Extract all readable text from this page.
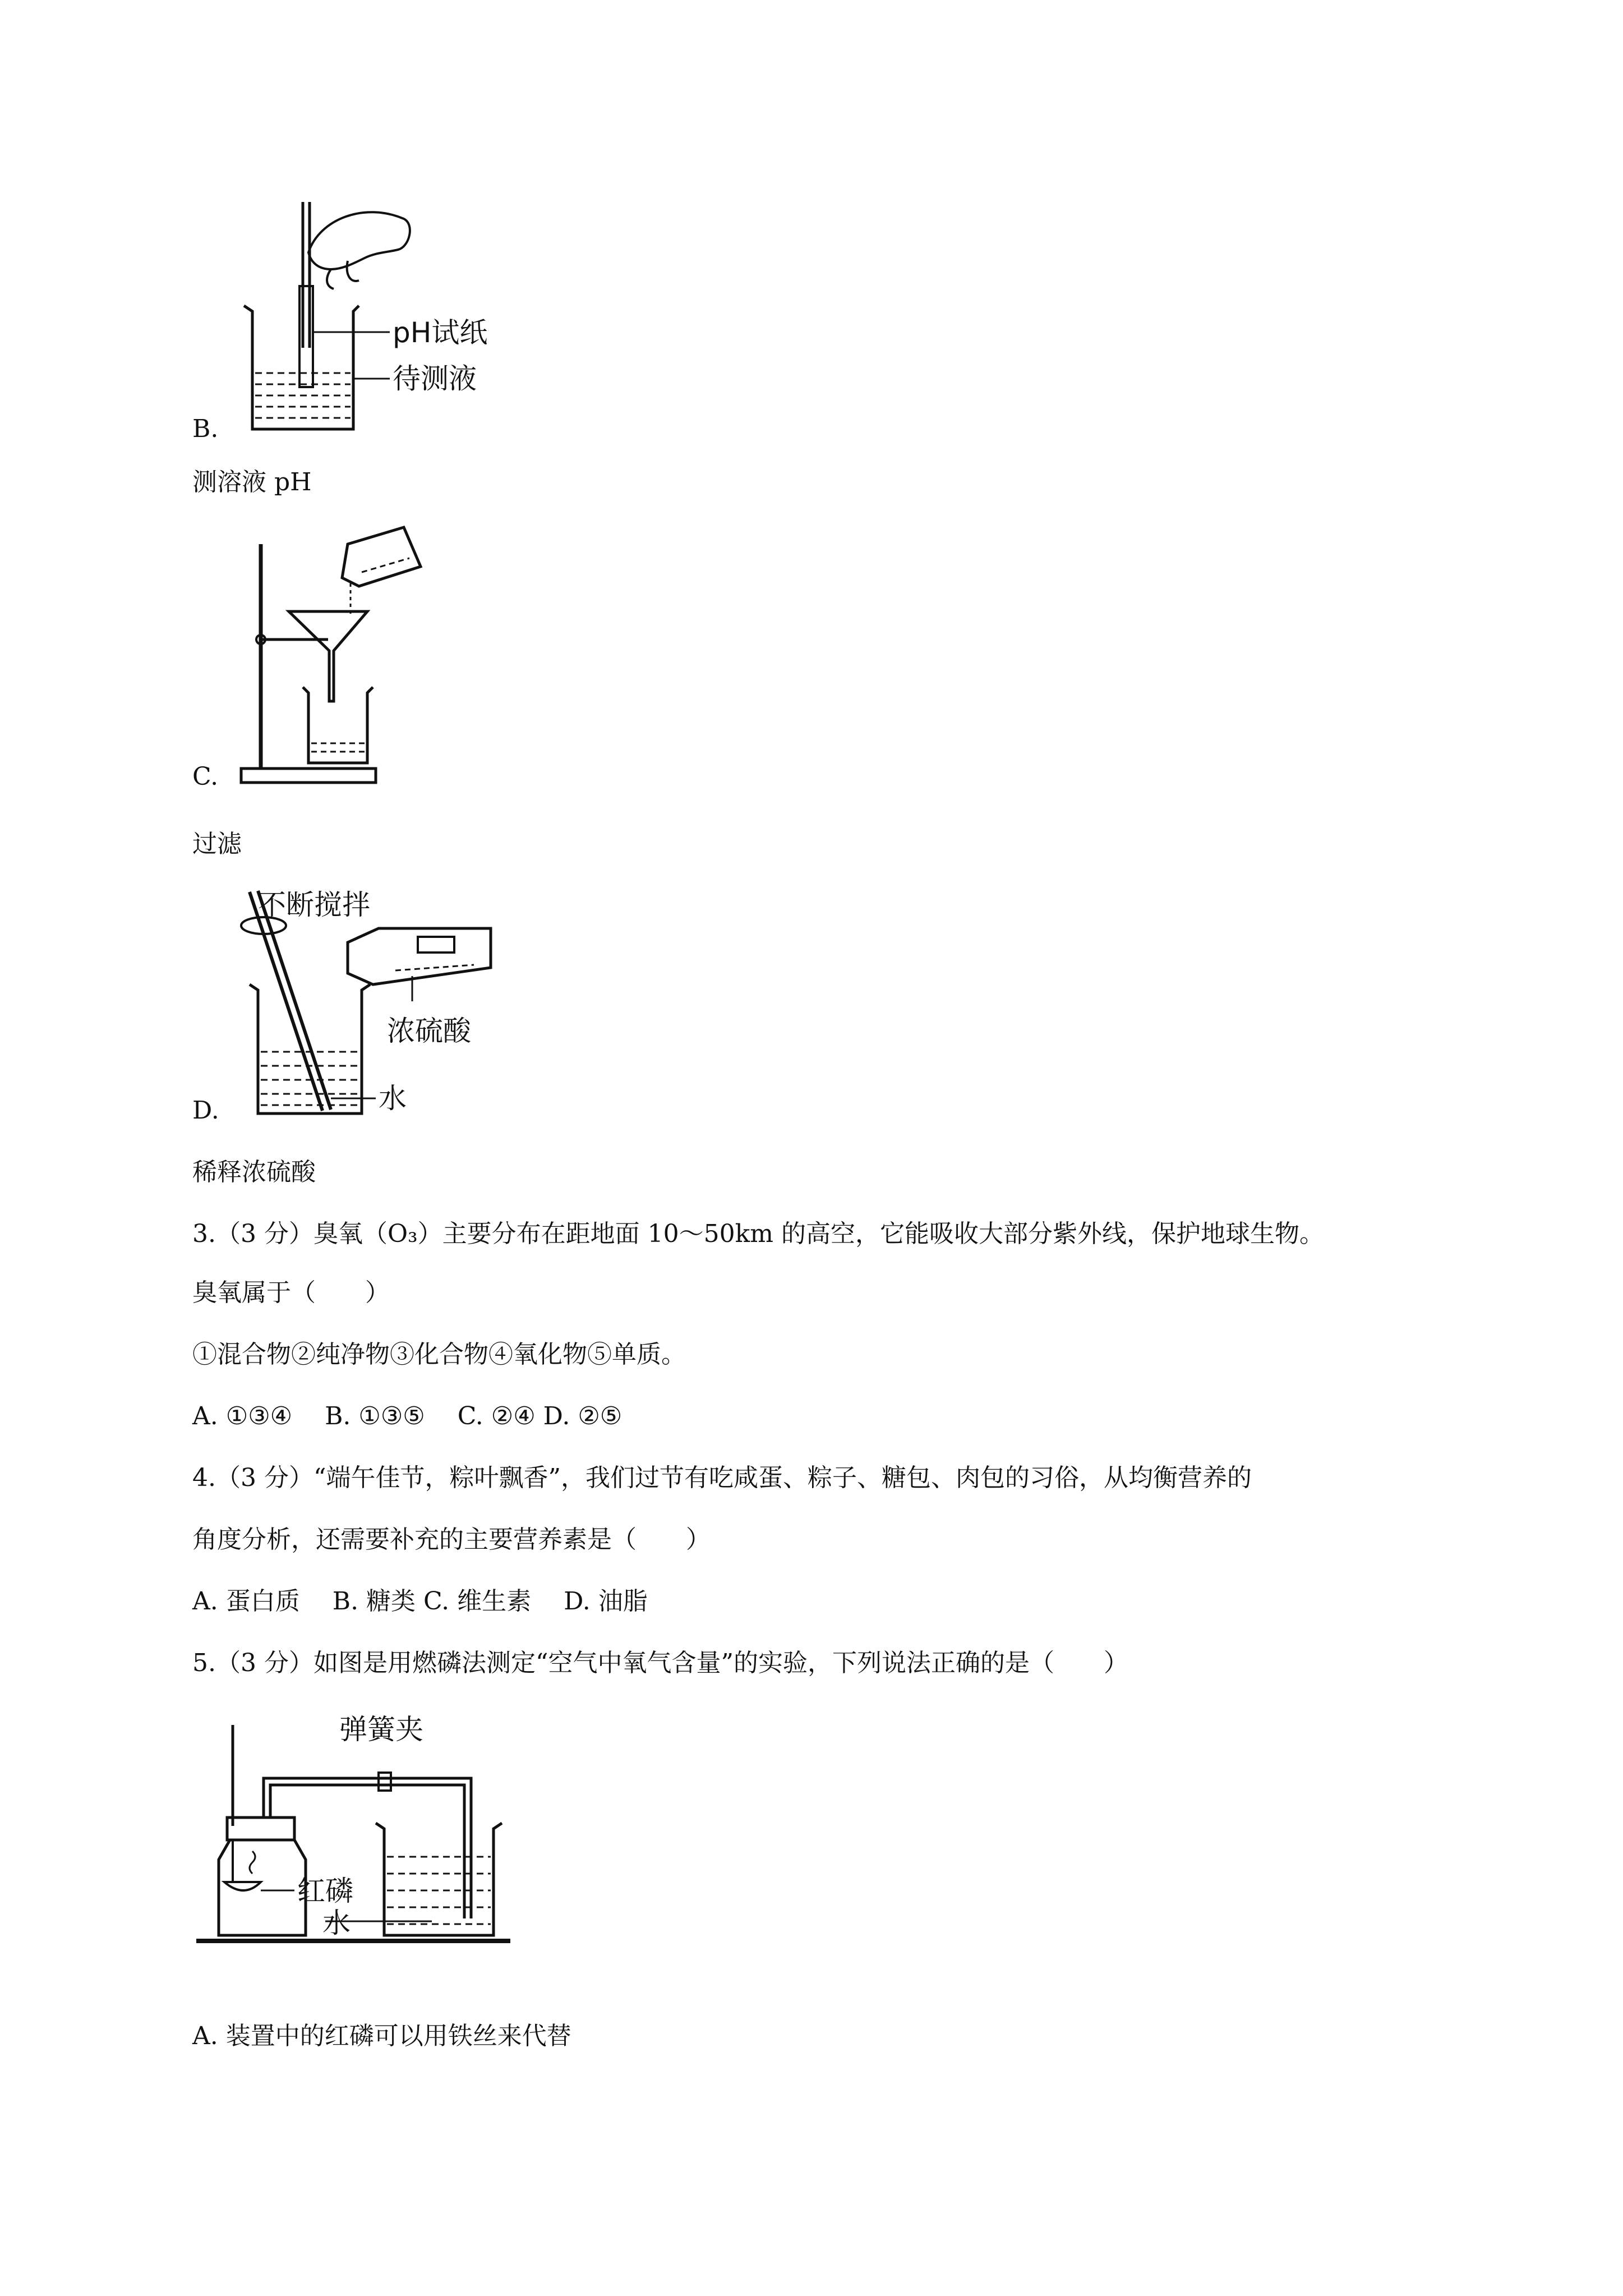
pH试纸
待测液
B.
测溶液 pH
C.
过滤
不断搅拌
浓硫酸
水
D.
稀释浓硫酸
3.（3 分）臭氧（O₃）主要分布在距地面 10～50km 的高空，它能吸收大部分紫外线，保护地球生物。
臭氧属于（　　）
①混合物②纯净物③化合物④氧化物⑤单质。
A. ①③④　 B. ①③⑤　 C. ②④ D. ②⑤
4.（3 分）“端午佳节，粽叶飘香”，我们过节有吃咸蛋、粽子、糖包、肉包的习俗，从均衡营养的
角度分析，还需要补充的主要营养素是（　　）
A. 蛋白质　 B. 糖类 C. 维生素　 D. 油脂
5.（3 分）如图是用燃磷法测定“空气中氧气含量”的实验，下列说法正确的是（　　）
弹簧夹
红磷
水
A. 装置中的红磷可以用铁丝来代替
